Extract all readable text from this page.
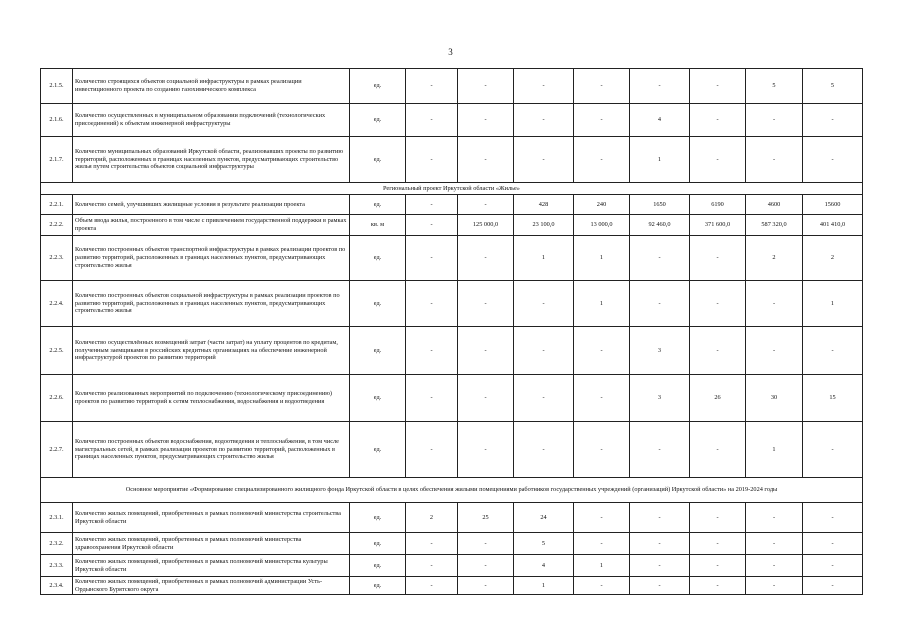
3
2.1.5.	Количество строящихся объектов социальной инфраструктуры в рамках реализации инвестиционного проекта по созданию газохимического комплекса	ед.	-	-	-	-	-	-	5	5
2.1.6.	Количество осуществленных в муниципальном образовании подключений (технологических присоединений) к объектам инженерной инфраструктуры	ед.	-	-	-	-	4	-	-	-
2.1.7.	Количество муниципальных образований Иркутской области, реализовавших проекты по развитию территорий, расположенных в границах населенных пунктов, предусматривающих строительство жилья путем строительства объектов социальной инфраструктуры	ед.	-	-	-	-	1	-	-	-
Региональный проект Иркутской области «Жилье»										
2.2.1.	Количество семей, улучшивших жилищные условия в результате реализации проекта	ед.	-	-	428	240	1650	6190	4600	15600
2.2.2.	Объем ввода жилья, построенного в том числе с привлечением государственной поддержки в рамках проекта	кв. м	-	125 000,0	23 100,0	13 000,0	92 460,0	371 600,0	587 320,0	401 410,0
2.2.3.	Количество построенных объектов транспортной инфраструктуры в рамках реализации проектов по развитию территорий, расположенных в границах населенных пунктов, предусматривающих строительство жилья	ед.	-	-	1	1	-	-	2	2
2.2.4.	Количество построенных объектов социальной инфраструктуры в рамках реализации проектов по развитию территорий, расположенных в границах населенных пунктов, предусматривающих строительство жилья	ед.	-	-	-	1	-	-	-	1
2.2.5.	Количество осуществлённых возмещений затрат (части затрат) на уплату процентов по кредитам, полученным заемщиками в российских кредитных организациях на обеспечение инженерной инфраструктурой проектов по развитию территорий	ед.	-	-	-	-	3	-	-	-
2.2.6.	Количество реализованных мероприятий по подключению (технологическому присоединению) проектов по развитию территорий к сетям теплоснабжения, водоснабжения и водоотведения	ед.	-	-	-	-	3	26	30	15
2.2.7.	Количество построенных объектов водоснабжения, водоотведения и теплоснабжения, в том числе магистральных сетей, в рамках реализации проектов по развитию территорий, расположенных в границах населенных пунктов, предусматривающих строительство жилья	ед.	-	-	-	-	-	-	1	-
Основное мероприятие «Формирование специализированного жилищного фонда Иркутской области в целях обеспечения жилыми помещениями работников государственных учреждений (организаций) Иркутской области» на 2019-2024 годы										
2.3.1.	Количество жилых помещений, приобретенных в рамках полномочий министерства строительства Иркутской области	ед.	2	25	24	-	-	-	-	-
2.3.2.	Количество жилых помещений, приобретенных в рамках полномочий министерства здравоохранения Иркутской области	ед.	-	-	5	-	-	-	-	-
2.3.3.	Количество жилых помещений, приобретенных в рамках полномочий министерства культуры Иркутской области	ед.	-	-	4	1	-	-	-	-
2.3.4.	Количество жилых помещений, приобретенных в рамках полномочий администрации Усть-Ордынского Бурятского округа	ед.	-	-	1	-	-	-	-	-
